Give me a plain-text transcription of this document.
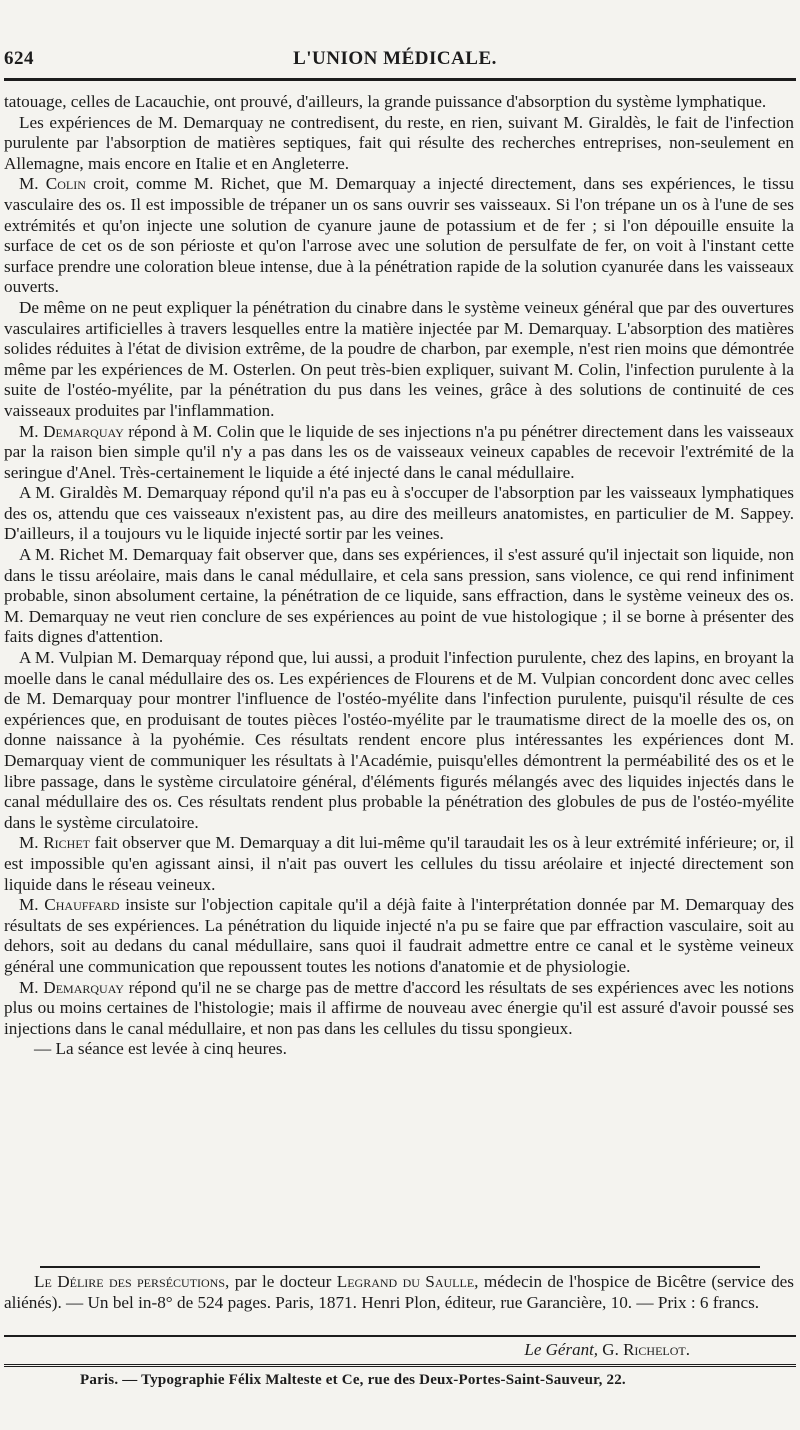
624	L'UNION MÉDICALE.

tatouage, celles de Lacauchie, ont prouvé, d'ailleurs, la grande puissance d'absorption du système lymphatique.

Les expériences de M. Demarquay ne contredisent, du reste, en rien, suivant M. Giraldès, le fait de l'infection purulente par l'absorption de matières septiques, fait qui résulte des recherches entreprises, non-seulement en Allemagne, mais encore en Italie et en Angleterre.

M. Colin croit, comme M. Richet, que M. Demarquay a injecté directement, dans ses expériences, le tissu vasculaire des os. Il est impossible de trépaner un os sans ouvrir ses vaisseaux. Si l'on trépane un os à l'une de ses extrémités et qu'on injecte une solution de cyanure jaune de potassium et de fer ; si l'on dépouille ensuite la surface de cet os de son périoste et qu'on l'arrose avec une solution de persulfate de fer, on voit à l'instant cette surface prendre une coloration bleue intense, due à la pénétration rapide de la solution cyanurée dans les vaisseaux ouverts.

De même on ne peut expliquer la pénétration du cinabre dans le système veineux général que par des ouvertures vasculaires artificielles à travers lesquelles entre la matière injectée par M. Demarquay. L'absorption des matières solides réduites à l'état de division extrême, de la poudre de charbon, par exemple, n'est rien moins que démontrée même par les expériences de M. Osterlen. On peut très-bien expliquer, suivant M. Colin, l'infection purulente à la suite de l'ostéo-myélite, par la pénétration du pus dans les veines, grâce à des solutions de continuité de ces vaisseaux produites par l'inflammation.

M. Demarquay répond à M. Colin que le liquide de ses injections n'a pu pénétrer directement dans les vaisseaux par la raison bien simple qu'il n'y a pas dans les os de vaisseaux veineux capables de recevoir l'extrémité de la seringue d'Anel. Très-certainement le liquide a été injecté dans le canal médullaire.

A M. Giraldès M. Demarquay répond qu'il n'a pas eu à s'occuper de l'absorption par les vaisseaux lymphatiques des os, attendu que ces vaisseaux n'existent pas, au dire des meilleurs anatomistes, en particulier de M. Sappey. D'ailleurs, il a toujours vu le liquide injecté sortir par les veines.

A M. Richet M. Demarquay fait observer que, dans ses expériences, il s'est assuré qu'il injectait son liquide, non dans le tissu aréolaire, mais dans le canal médullaire, et cela sans pression, sans violence, ce qui rend infiniment probable, sinon absolument certaine, la pénétration de ce liquide, sans effraction, dans le système veineux des os. M. Demarquay ne veut rien conclure de ses expériences au point de vue histologique ; il se borne à présenter des faits dignes d'attention.

A M. Vulpian M. Demarquay répond que, lui aussi, a produit l'infection purulente, chez des lapins, en broyant la moelle dans le canal médullaire des os. Les expériences de Flourens et de M. Vulpian concordent donc avec celles de M. Demarquay pour montrer l'influence de l'ostéo-myélite dans l'infection purulente, puisqu'il résulte de ces expériences que, en produisant de toutes pièces l'ostéo-myélite par le traumatisme direct de la moelle des os, on donne naissance à la pyohémie. Ces résultats rendent encore plus intéressantes les expériences dont M. Demarquay vient de communiquer les résultats à l'Académie, puisqu'elles démontrent la perméabilité des os et le libre passage, dans le système circulatoire général, d'éléments figurés mélangés avec des liquides injectés dans le canal médullaire des os. Ces résultats rendent plus probable la pénétration des globules de pus de l'ostéo-myélite dans le système circulatoire.

M. Richet fait observer que M. Demarquay a dit lui-même qu'il taraudait les os à leur extrémité inférieure; or, il est impossible qu'en agissant ainsi, il n'ait pas ouvert les cellules du tissu aréolaire et injecté directement son liquide dans le réseau veineux.

M. Chauffard insiste sur l'objection capitale qu'il a déjà faite à l'interprétation donnée par M. Demarquay des résultats de ses expériences. La pénétration du liquide injecté n'a pu se faire que par effraction vasculaire, soit au dehors, soit au dedans du canal médullaire, sans quoi il faudrait admettre entre ce canal et le système veineux général une communication que repoussent toutes les notions d'anatomie et de physiologie.

M. Demarquay répond qu'il ne se charge pas de mettre d'accord les résultats de ses expériences avec les notions plus ou moins certaines de l'histologie; mais il affirme de nouveau avec énergie qu'il est assuré d'avoir poussé ses injections dans le canal médullaire, et non pas dans les cellules du tissu spongieux.

— La séance est levée à cinq heures.

Le Délire des persécutions, par le docteur Legrand du Saulle, médecin de l'hospice de Bicêtre (service des aliénés). — Un bel in-8° de 524 pages. Paris, 1871. Henri Plon, éditeur, rue Garancière, 10. — Prix : 6 francs.

Le Gérant, G. Richelot.
Paris. — Typographie Félix Malteste et Ce, rue des Deux-Portes-Saint-Sauveur, 22.
